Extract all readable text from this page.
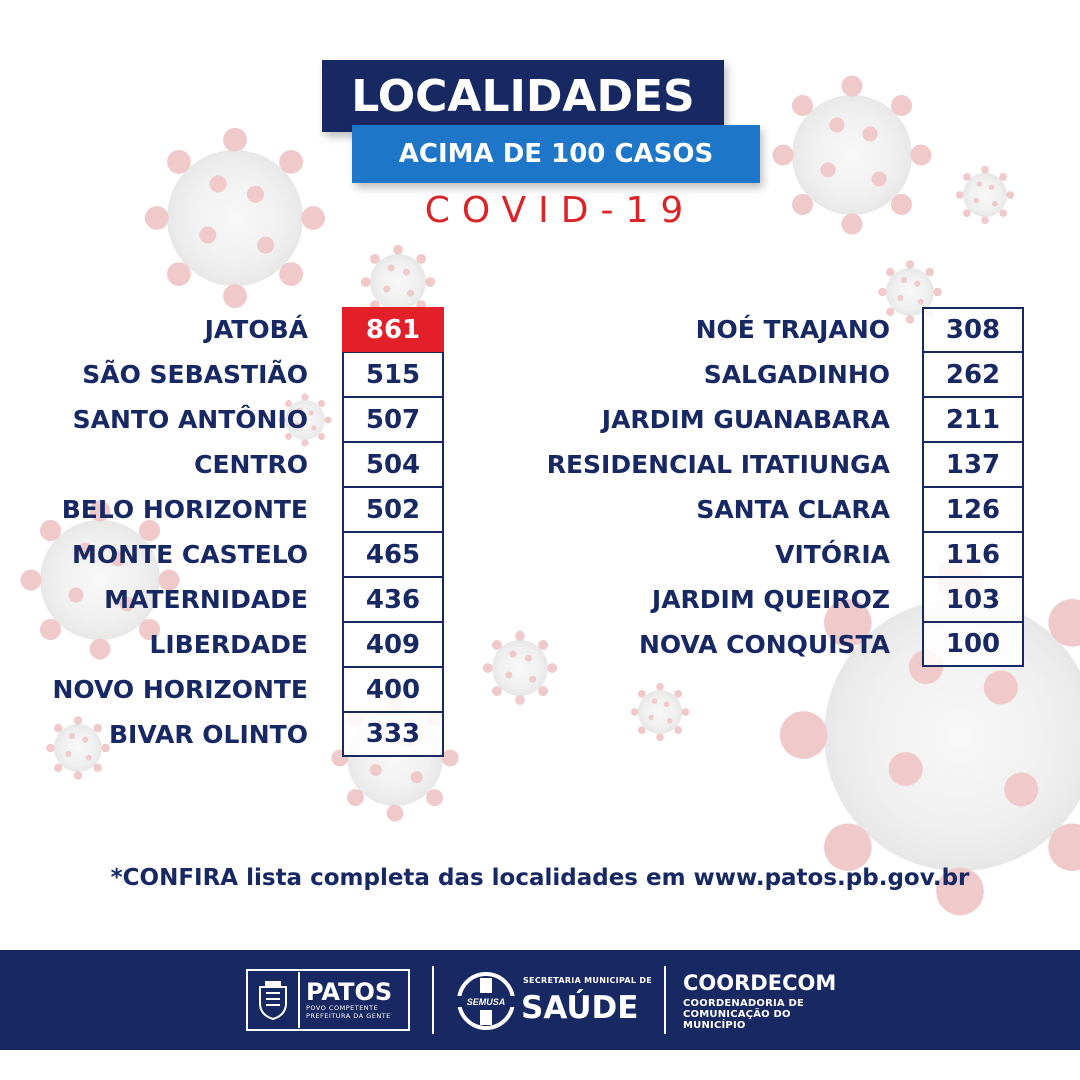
LOCALIDADES
ACIMA DE 100 CASOS
COVID-19
JATOBÁ	861
SÃO SEBASTIÃO	515
SANTO ANTÔNIO	507
CENTRO	504
BELO HORIZONTE	502
MONTE CASTELO	465
MATERNIDADE	436
LIBERDADE	409
NOVO HORIZONTE	400
BIVAR OLINTO	333
NOÉ TRAJANO	308
SALGADINHO	262
JARDIM GUANABARA	211
RESIDENCIAL ITATIUNGA	137
SANTA CLARA	126
VITÓRIA	116
JARDIM QUEIROZ	103
NOVA CONQUISTA	100
*CONFIRA lista completa das localidades em www.patos.pb.gov.br
PATOS
POVO COMPETENTE
PREFEITURA DA GENTE
SEMUSA
SECRETARIA MUNICIPAL DE
SAÚDE
COORDECOM
COORDENADORIA DE
COMUNICAÇÃO DO
MUNICÍPIO
